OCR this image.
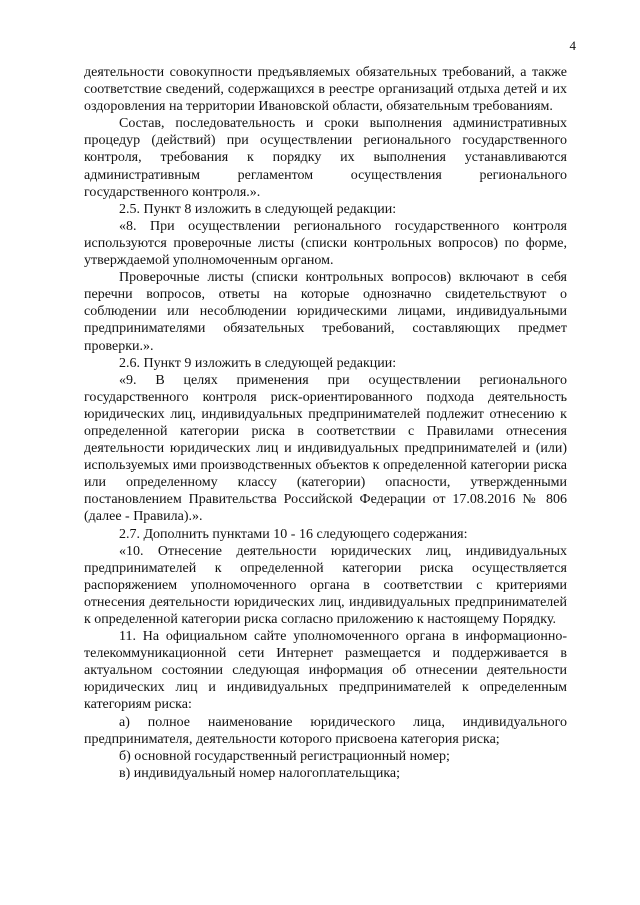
4

деятельности совокупности предъявляемых обязательных требований, а также соответствие сведений, содержащихся в реестре организаций отдыха детей и их оздоровления на территории Ивановской области, обязательным требованиям.

Состав, последовательность и сроки выполнения административных процедур (действий) при осуществлении регионального государственного контроля, требования к порядку их выполнения устанавливаются административным регламентом осуществления регионального государственного контроля.».

2.5. Пункт 8 изложить в следующей редакции:

«8. При осуществлении регионального государственного контроля используются проверочные листы (списки контрольных вопросов) по форме, утверждаемой уполномоченным органом.

Проверочные листы (списки контрольных вопросов) включают в себя перечни вопросов, ответы на которые однозначно свидетельствуют о соблюдении или несоблюдении юридическими лицами, индивидуальными предпринимателями обязательных требований, составляющих предмет проверки.».

2.6. Пункт 9 изложить в следующей редакции:

«9. В целях применения при осуществлении регионального государственного контроля риск-ориентированного подхода деятельность юридических лиц, индивидуальных предпринимателей подлежит отнесению к определенной категории риска в соответствии с Правилами отнесения деятельности юридических лиц и индивидуальных предпринимателей и (или) используемых ими производственных объектов к определенной категории риска или определенному классу (категории) опасности, утвержденными постановлением Правительства Российской Федерации от 17.08.2016 № 806 (далее - Правила).».

2.7. Дополнить пунктами 10 - 16 следующего содержания:

«10. Отнесение деятельности юридических лиц, индивидуальных предпринимателей к определенной категории риска осуществляется распоряжением уполномоченного органа в соответствии с критериями отнесения деятельности юридических лиц, индивидуальных предпринимателей к определенной категории риска согласно приложению к настоящему Порядку.

11. На официальном сайте уполномоченного органа в информационно-телекоммуникационной сети Интернет размещается и поддерживается в актуальном состоянии следующая информация об отнесении деятельности юридических лиц и индивидуальных предпринимателей к определенным категориям риска:

а) полное наименование юридического лица, индивидуального предпринимателя, деятельности которого присвоена категория риска;

б) основной государственный регистрационный номер;

в) индивидуальный номер налогоплательщика;
